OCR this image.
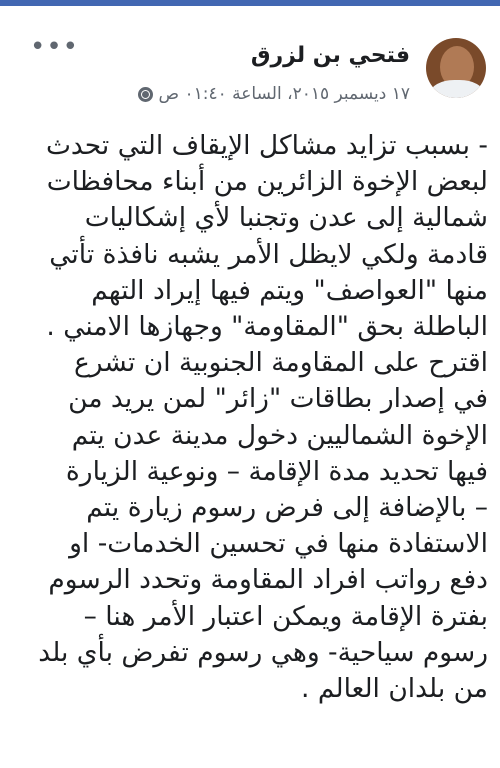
•••	فتحي بن لزرق
١٧ ديسمبر ٢٠١٥، الساعة ٠١:٤٠ ص
- بسبب تزايد مشاكل الإيقاف التي تحدث
لبعض الإخوة الزائرين من أبناء محافظات
شمالية إلى عدن وتجنبا لأي إشكاليات
قادمة ولكي لايظل الأمر يشبه نافذة تأتي
منها "العواصف" ويتم فيها إيراد التهم
الباطلة بحق "المقاومة" وجهازها الامني .
اقترح على المقاومة الجنوبية ان تشرع
في إصدار بطاقات "زائر" لمن يريد من
الإخوة الشماليين دخول مدينة عدن يتم
فيها تحديد مدة الإقامة – ونوعية الزيارة
– بالإضافة إلى فرض رسوم زيارة يتم
الاستفادة منها في تحسين الخدمات- او
دفع رواتب افراد المقاومة وتحدد الرسوم
بفترة الإقامة ويمكن اعتبار الأمر هنا –
رسوم سياحية- وهي رسوم تفرض بأي بلد
من بلدان العالم .
